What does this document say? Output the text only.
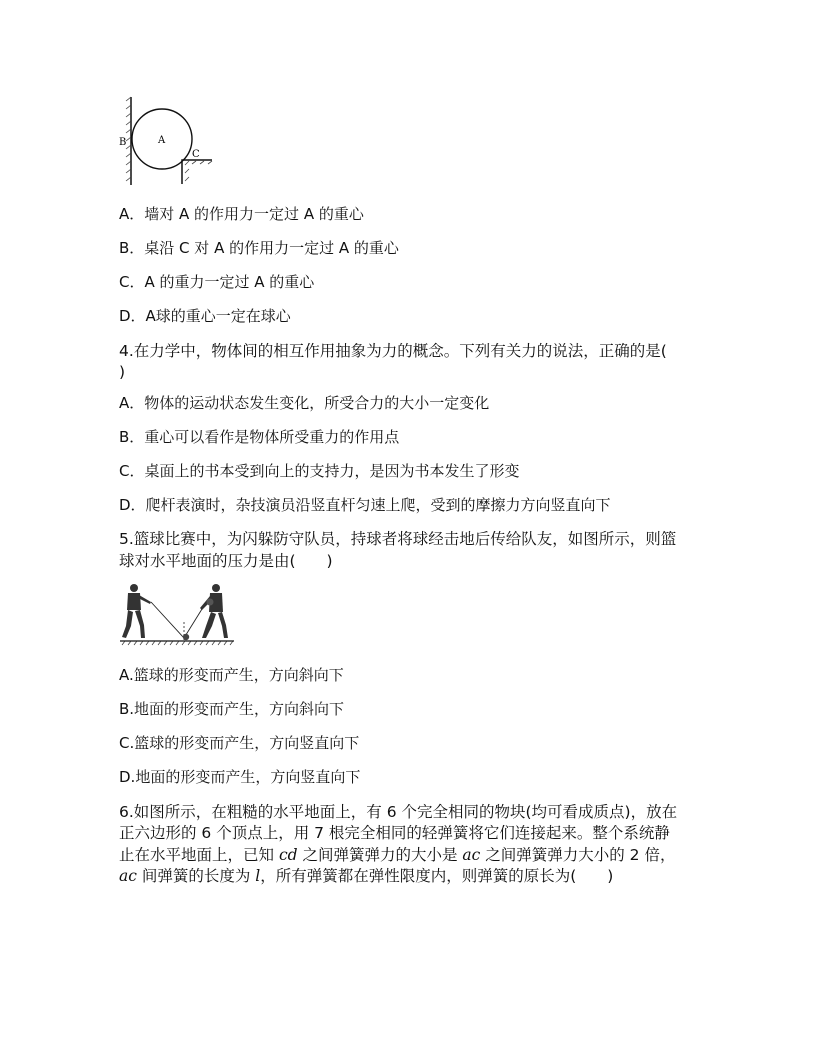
A
B
C
A．墙对 A 的作用力一定过 A 的重心
B．桌沿 C 对 A 的作用力一定过 A 的重心
C．A 的重力一定过 A 的重心
D．A球的重心一定在球心
4.在力学中，物体间的相互作用抽象为力的概念。下列有关力的说法，正确的是(
)
A．物体的运动状态发生变化，所受合力的大小一定变化
B．重心可以看作是物体所受重力的作用点
C．桌面上的书本受到向上的支持力，是因为书本发生了形变
D．爬杆表演时，杂技演员沿竖直杆匀速上爬，受到的摩擦力方向竖直向下
5.篮球比赛中，为闪躲防守队员，持球者将球经击地后传给队友，如图所示，则篮
球对水平地面的压力是由(　　)
A.篮球的形变而产生，方向斜向下
B.地面的形变而产生，方向斜向下
C.篮球的形变而产生，方向竖直向下
D.地面的形变而产生，方向竖直向下
6.如图所示，在粗糙的水平地面上，有 6 个完全相同的物块(均可看成质点)，放在
正六边形的 6 个顶点上，用 7 根完全相同的轻弹簧将它们连接起来。整个系统静
止在水平地面上，已知 cd 之间弹簧弹力的大小是 ac 之间弹簧弹力大小的 2 倍，
ac 间弹簧的长度为 l，所有弹簧都在弹性限度内，则弹簧的原长为(　　)
